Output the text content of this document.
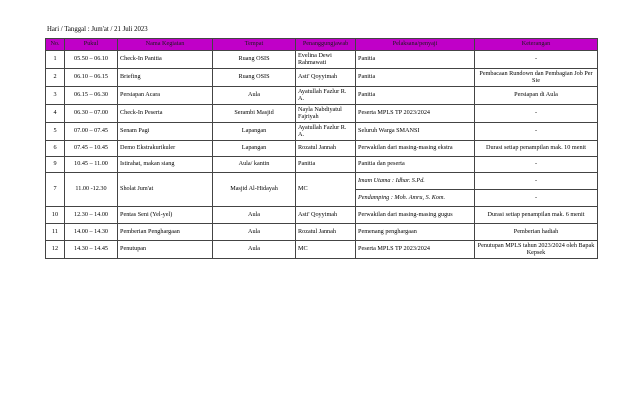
Hari / Tanggal : Jum'at / 21 Juli 2023
No.	Pukul	Nama Kegiatan	Tempat	Penanggungjawab	Pelaksana/penyaji	Keterangan
1	05.50 – 06.10	Check-In Panitia	Ruang OSIS	Evelina Dewi Rahmawati	Panitia	-
2	06.10 – 06.15	Briefing	Ruang OSIS	Asti' Qoyyimah	Panitia	Pembacaan Rundown dan Pembagian Job Per Sie
3	06.15 – 06.30	Persiapan Acara	Aula	Ayatullah Fazlur R. A.	Panitia	Persiapan di Aula
4	06.30 – 07.00	Check-In Peserta	Serambi Masjid	Nayla Nabdiyatul Fajriyah	Peserta MPLS TP 2023/2024	-
5	07.00 – 07.45	Senam Pagi	Lapangan	Ayatullah Fazlur R. A.	Seluruh Warga SMANSI	-
6	07.45 – 10.45	Demo Ekstrakurikuler	Lapangan	Rozatul Jannah	Perwakilan dari masing-masing ekstra	Durasi setiap penampilan mak. 10 menit
9	10.45 – 11.00	Istirahat, makan siang	Aula/ kantin	Panitia	Panitia dan peserta	-
7	11.00 -12.30	Sholat Jum'at	Masjid Al-Hidayah	MC	Imam Utama : Idhar. S.Pd.	-
					Pendamping : Moh. Amru, S. Kom.	-
10	12.30 – 14.00	Pentas Seni (Yel-yel)	Aula	Asti' Qoyyimah	Perwakilan dari masing-masing gugus	Durasi setiap penampilan mak. 6 menit
11	14.00 – 14.30	Pemberian Penghargaan	Aula	Rozatul Jannah	Pemenang penghargaan	Pemberian hadiah
12	14.30 – 14.45	Penutupan	Aula	MC	Peserta MPLS TP 2023/2024	Penutupan MPLS tahun 2023/2024 oleh Bapak Kepsek
